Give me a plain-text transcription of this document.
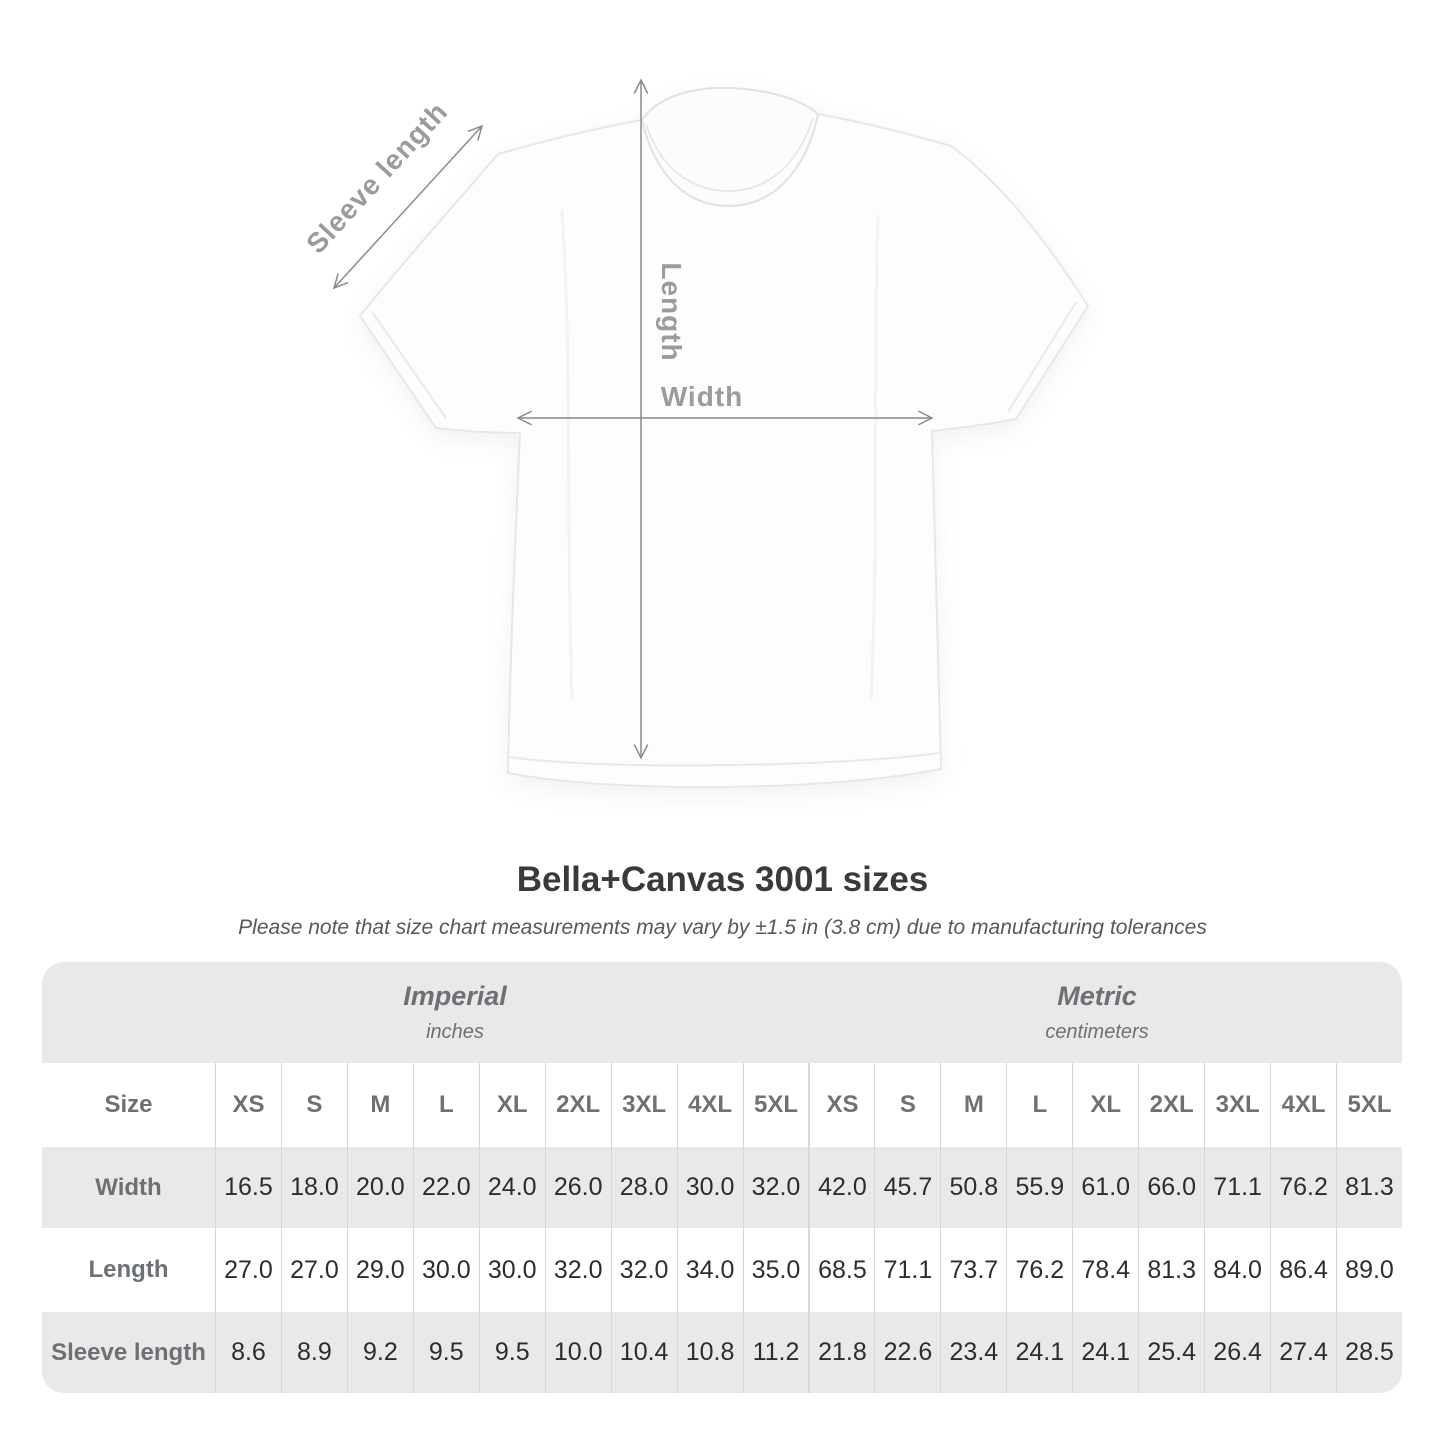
Length
Width
Sleeve length
Bella+Canvas 3001 sizes

Please note that size chart measurements may vary by ±1.5 in (3.8 cm) due to manufacturing tolerances

Imperial
inches
Metric
centimeters
Size	XS	S	M	L	XL	2XL 3XL 4XL 5XL	XS	S	M	L	XL	2XL 3XL 4XL 5XL
Width	16.5 18.0 20.0 22.0 24.0 26.0 28.0 30.0 32.0 42.0 45.7 50.8 55.9 61.0 66.0 71.1 76.2 81.3
Length	27.0 27.0 29.0 30.0 30.0 32.0 32.0 34.0 35.0 68.5 71.1 73.7 76.2 78.4 81.3 84.0 86.4 89.0
Sleeve length	8.6	8.9	9.2	9.5	9.5 10.0 10.4 10.8 11.2 21.8 22.6 23.4 24.1 24.1 25.4 26.4 27.4 28.5
